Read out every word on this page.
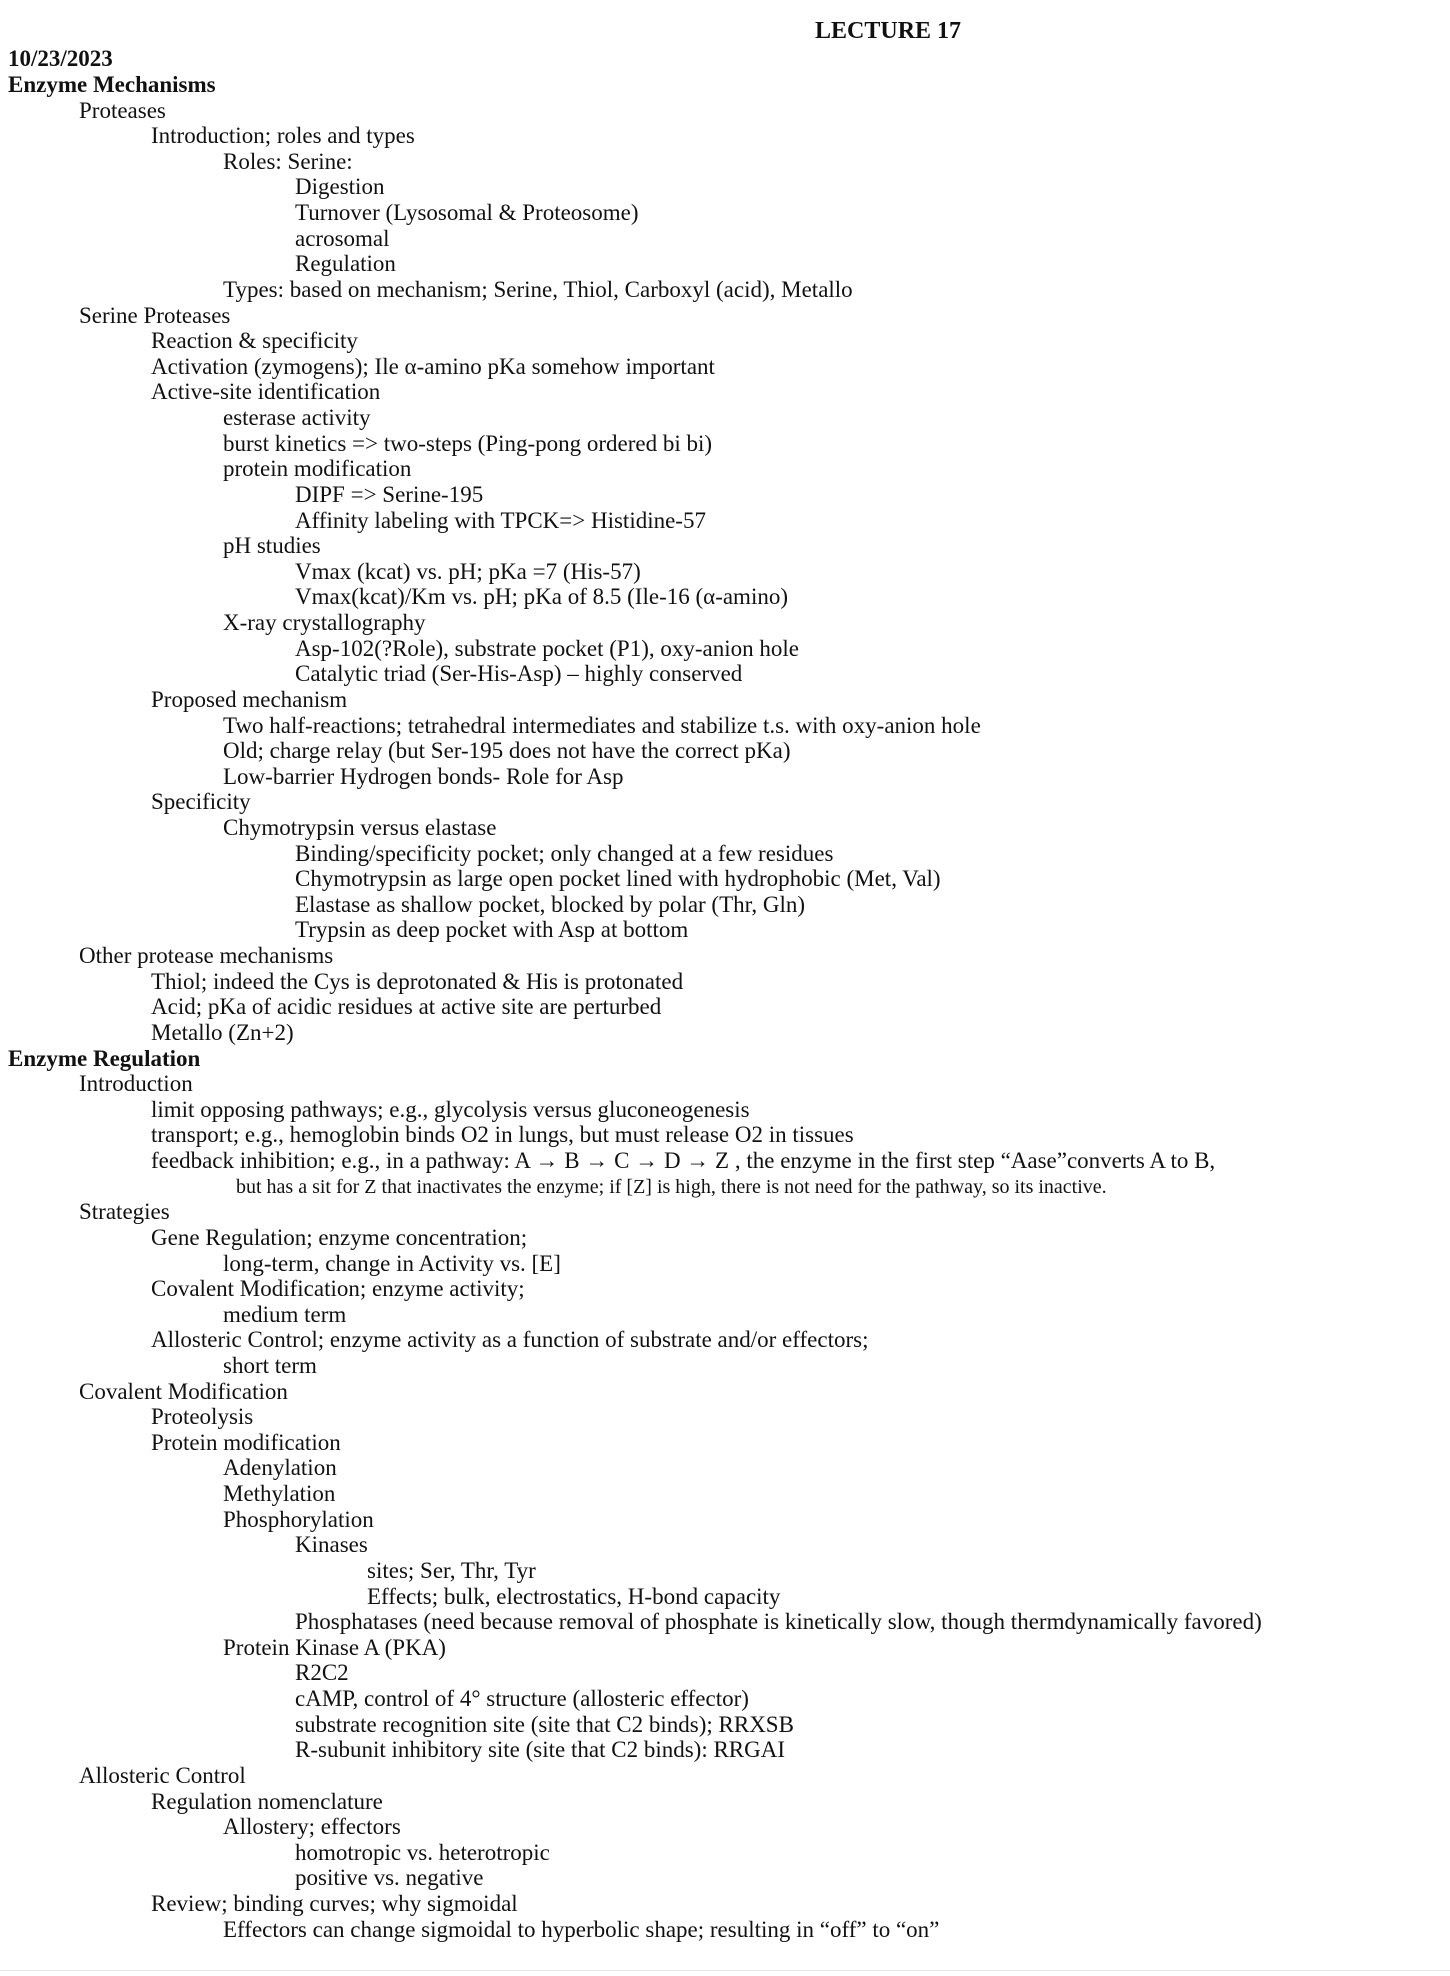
LECTURE 17
10/23/2023
Enzyme Mechanisms
Proteases
Introduction; roles and types
Roles: Serine:
Digestion
Turnover (Lysosomal & Proteosome)
acrosomal
Regulation
Types: based on mechanism; Serine, Thiol, Carboxyl (acid), Metallo
Serine Proteases
Reaction & specificity
Activation (zymogens); Ile α-amino pKa somehow important
Active-site identification
esterase activity
burst kinetics => two-steps (Ping-pong ordered bi bi)
protein modification
DIPF => Serine-195
Affinity labeling with TPCK=> Histidine-57
pH studies
Vmax (kcat) vs. pH; pKa =7 (His-57)
Vmax(kcat)/Km vs. pH; pKa of 8.5 (Ile-16 (α-amino)
X-ray crystallography
Asp-102(?Role), substrate pocket (P1), oxy-anion hole
Catalytic triad (Ser-His-Asp) – highly conserved
Proposed mechanism
Two half-reactions; tetrahedral intermediates and stabilize t.s. with oxy-anion hole
Old; charge relay (but Ser-195 does not have the correct pKa)
Low-barrier Hydrogen bonds- Role for Asp
Specificity
Chymotrypsin versus elastase
Binding/specificity pocket; only changed at a few residues
Chymotrypsin as large open pocket lined with hydrophobic (Met, Val)
Elastase as shallow pocket, blocked by polar (Thr, Gln)
Trypsin as deep pocket with Asp at bottom
Other protease mechanisms
Thiol; indeed the Cys is deprotonated & His is protonated
Acid; pKa of acidic residues at active site are perturbed
Metallo (Zn+2)
Enzyme Regulation
Introduction
limit opposing pathways; e.g., glycolysis versus gluconeogenesis
transport; e.g., hemoglobin binds O2 in lungs, but must release O2 in tissues
feedback inhibition; e.g., in a pathway: A → B → C → D → Z , the enzyme in the first step “Aase”converts A to B,
but has a sit for Z that inactivates the enzyme; if [Z] is high, there is not need for the pathway, so its inactive.
Strategies
Gene Regulation; enzyme concentration;
long-term, change in Activity vs. [E]
Covalent Modification; enzyme activity;
medium term
Allosteric Control; enzyme activity as a function of substrate and/or effectors;
short term
Covalent Modification
Proteolysis
Protein modification
Adenylation
Methylation
Phosphorylation
Kinases
sites; Ser, Thr, Tyr
Effects; bulk, electrostatics, H-bond capacity
Phosphatases (need because removal of phosphate is kinetically slow, though thermdynamically favored)
Protein Kinase A (PKA)
R2C2
cAMP, control of 4° structure (allosteric effector)
substrate recognition site (site that C2 binds); RRXSB
R-subunit inhibitory site (site that C2 binds): RRGAI
Allosteric Control
Regulation nomenclature
Allostery; effectors
homotropic vs. heterotropic
positive vs. negative
Review; binding curves; why sigmoidal
Effectors can change sigmoidal to hyperbolic shape; resulting in “off” to “on”
